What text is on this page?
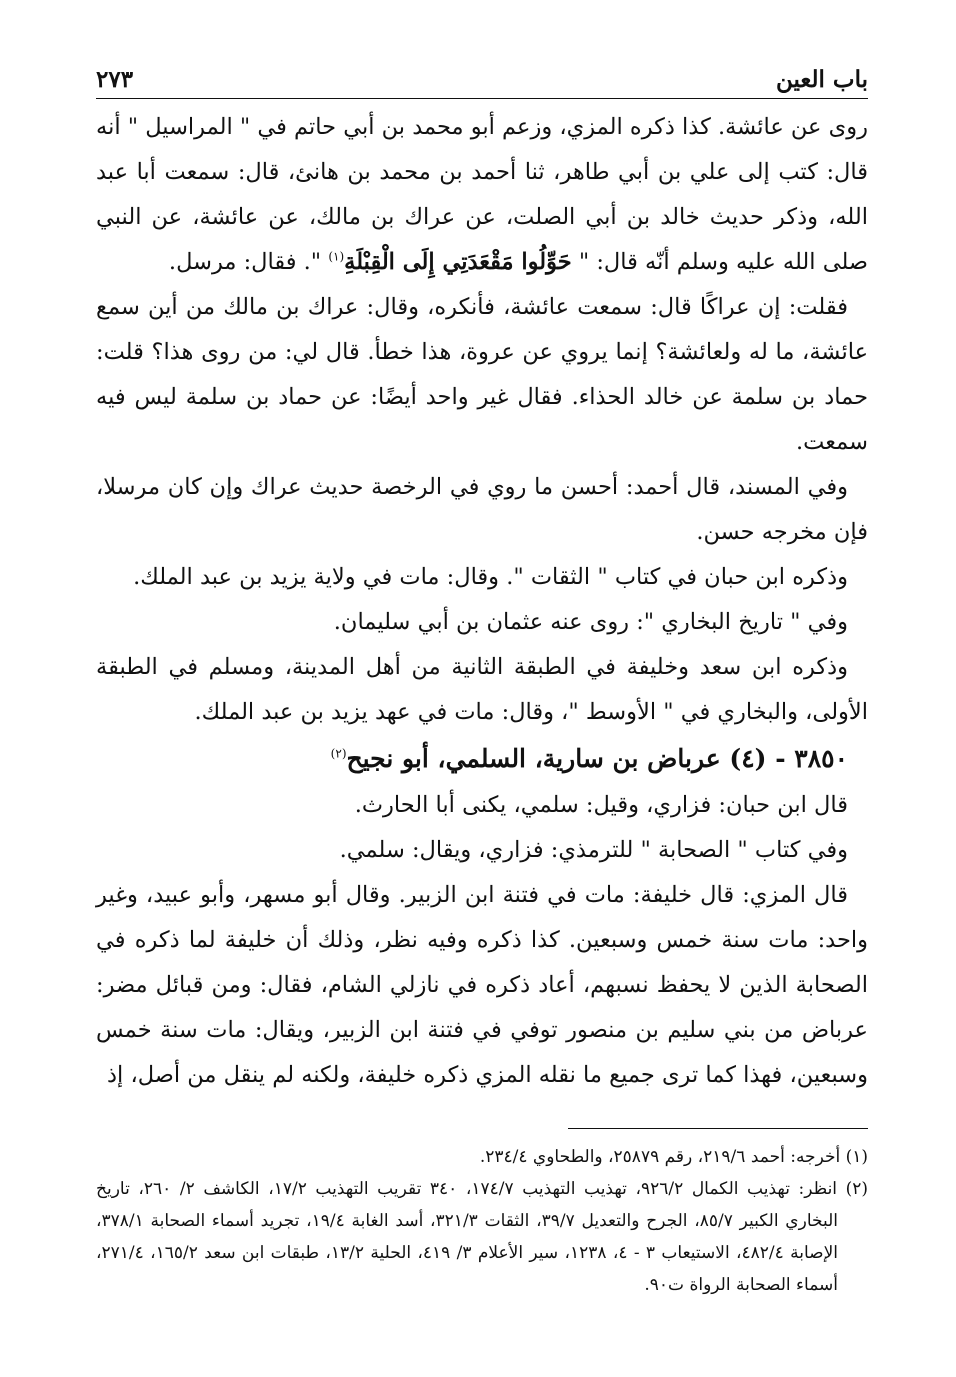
باب العين
٢٧٣

روى عن عائشة. كذا ذكره المزي، وزعم أبو محمد بن أبي حاتم في " المراسيل " أنه قال: كتب إلى علي بن أبي طاهر، ثنا أحمد بن محمد بن هانئ، قال: سمعت أبا عبد الله، وذكر حديث خالد بن أبي الصلت، عن عراك بن مالك، عن عائشة، عن النبي صلى الله عليه وسلم أنّه قال: " حَوِّلُوا مَقْعَدَتِي إِلَى الْقِبْلَةِ$^{(١)}$ ". فقال: مرسل.

فقلت: إن عراكًا قال: سمعت عائشة، فأنكره، وقال: عراك بن مالك من أين سمع عائشة، ما له ولعائشة؟ إنما يروي عن عروة، هذا خطأ. قال لي: من روى هذا؟ قلت: حماد بن سلمة عن خالد الحذاء. فقال غير واحد أيضًا: عن حماد بن سلمة ليس فيه سمعت.

وفي المسند، قال أحمد: أحسن ما روي في الرخصة حديث عراك وإن كان مرسلا، فإن مخرجه حسن.

وذكره ابن حبان في كتاب " الثقات ". وقال: مات في ولاية يزيد بن عبد الملك.

وفي " تاريخ البخاري ": روى عنه عثمان بن أبي سليمان.

وذكره ابن سعد وخليفة في الطبقة الثانية من أهل المدينة، ومسلم في الطبقة الأولى، والبخاري في " الأوسط "، وقال: مات في عهد يزيد بن عبد الملك.

٣٨٥٠ - (٤) عرباض بن سارية، السلمي، أبو نجيح$^{(٢)}$

قال ابن حبان: فزاري، وقيل: سلمي، يكنى أبا الحارث.

وفي كتاب " الصحابة " للترمذي: فزاري، ويقال: سلمي.

قال المزي: قال خليفة: مات في فتنة ابن الزبير. وقال أبو مسهر، وأبو عبيد، وغير واحد: مات سنة خمس وسبعين. كذا ذكره وفيه نظر، وذلك أن خليفة لما ذكره في الصحابة الذين لا يحفظ نسبهم، أعاد ذكره في نازلي الشام، فقال: ومن قبائل مضر: عرباض من بني سليم بن منصور توفي في فتنة ابن الزبير، ويقال: مات سنة خمس وسبعين، فهذا كما ترى جميع ما نقله المزي ذكره خليفة، ولكنه لم ينقل من أصل، إذ

(١) أخرجه: أحمد ٢١٩/٦، رقم ٢٥٨٧٩، والطحاوي ٢٣٤/٤.

(٢) انظر: تهذيب الكمال ٩٢٦/٢، تهذيب التهذيب ١٧٤/٧، ٣٤٠ تقريب التهذيب ١٧/٢، الكاشف ٢/ ٢٦٠، تاريخ البخاري الكبير ٨٥/٧، الجرح والتعديل ٣٩/٧، الثقات ٣٢١/٣، أسد الغابة ١٩/٤، تجريد أسماء الصحابة ٣٧٨/١، الإصابة ٤٨٢/٤، الاستيعاب ٣ - ٤، ١٢٣٨، سير الأعلام ٣/ ٤١٩، الحلية ١٣/٢، طبقات ابن سعد ١٦٥/٢، ٢٧١/٤، أسماء الصحابة الرواة ت٩٠.
